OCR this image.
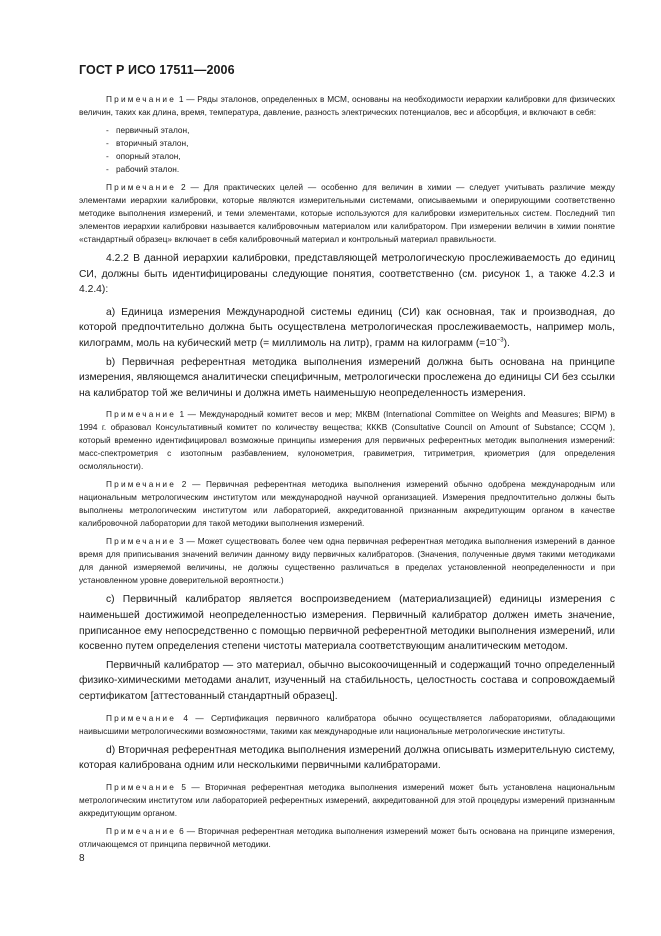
ГОСТ Р ИСО 17511—2006

Примечание 1 — Ряды эталонов, определенных в МСМ, основаны на необходимости иерархии калибровки для физических величин, таких как длина, время, температура, давление, разность электрических потенциалов, вес и абсорбция, и включают в себя:

- первичный эталон,
- вторичный эталон,
- опорный эталон,
- рабочий эталон.

Примечание 2 — Для практических целей — особенно для величин в химии — следует учитывать различие между элементами иерархии калибровки, которые являются измерительными системами, описываемыми и оперирующими соответственно методике выполнения измерений, и теми элементами, которые используются для калибровки измерительных систем. Последний тип элементов иерархии калибровки называется калибровочным материалом или калибратором. При измерении величин в химии понятие «стандартный образец» включает в себя калибровочный материал и контрольный материал правильности.

4.2.2 В данной иерархии калибровки, представляющей метрологическую прослеживаемость до единиц СИ, должны быть идентифицированы следующие понятия, соответственно (см. рисунок 1, а также 4.2.3 и 4.2.4):

a) Единица измерения Международной системы единиц (СИ) как основная, так и производная, до которой предпочтительно должна быть осуществлена метрологическая прослеживаемость, например моль, килограмм, моль на кубический метр (= миллимоль на литр), грамм на килограмм $(=10^{-3})$.

b) Первичная референтная методика выполнения измерений должна быть основана на принципе измерения, являющемся аналитически специфичным, метрологически прослежена до единицы СИ без ссылки на калибратор той же величины и должна иметь наименьшую неопределенность измерения.

Примечание 1 — Международный комитет весов и мер; МКВМ (International Committee on Weights and Measures; BIPM) в 1994 г. образовал Консультативный комитет по количеству вещества; ККKB (Consultative Council on Amount of Substance; CCQM ), который временно идентифицировал возможные принципы измерения для первичных референтных методик выполнения измерений: масс-спектрометрия с изотопным разбавлением, кулонометрия, гравиметрия, титриметрия, криометрия (для определения осмоляльности).

Примечание 2 — Первичная референтная методика выполнения измерений обычно одобрена международным или национальным метрологическим институтом или международной научной организацией. Измерения предпочтительно должны быть выполнены метрологическим институтом или лабораторией, аккредитованной признанным аккредитующим органом в качестве калибровочной лаборатории для такой методики выполнения измерений.

Примечание 3 — Может существовать более чем одна первичная референтная методика выполнения измерений в данное время для приписывания значений величин данному виду первичных калибраторов. (Значения, полученные двумя такими методиками для данной измеряемой величины, не должны существенно различаться в пределах установленной неопределенности и при установленном уровне доверительной вероятности.)

c) Первичный калибратор является воспроизведением (материализацией) единицы измерения с наименьшей достижимой неопределенностью измерения. Первичный калибратор должен иметь значение, приписанное ему непосредственно с помощью первичной референтной методики выполнения измерений, или косвенно путем определения степени чистоты материала соответствующим аналитическим методом.

Первичный калибратор — это материал, обычно высокоочищенный и содержащий точно определенный физико-химическими методами аналит, изученный на стабильность, целостность состава и сопровождаемый сертификатом [аттестованный стандартный образец].

Примечание 4 — Сертификация первичного калибратора обычно осуществляется лабораториями, обладающими наивысшими метрологическими возможностями, такими как международные или национальные метрологические институты.

d) Вторичная референтная методика выполнения измерений должна описывать измерительную систему, которая калибрована одним или несколькими первичными калибраторами.

Примечание 5 — Вторичная референтная методика выполнения измерений может быть установлена национальным метрологическим институтом или лабораторией референтных измерений, аккредитованной для этой процедуры измерений признанным аккредитующим органом.

Примечание 6 — Вторичная референтная методика выполнения измерений может быть основана на принципе измерения, отличающемся от принципа первичной методики.

8
